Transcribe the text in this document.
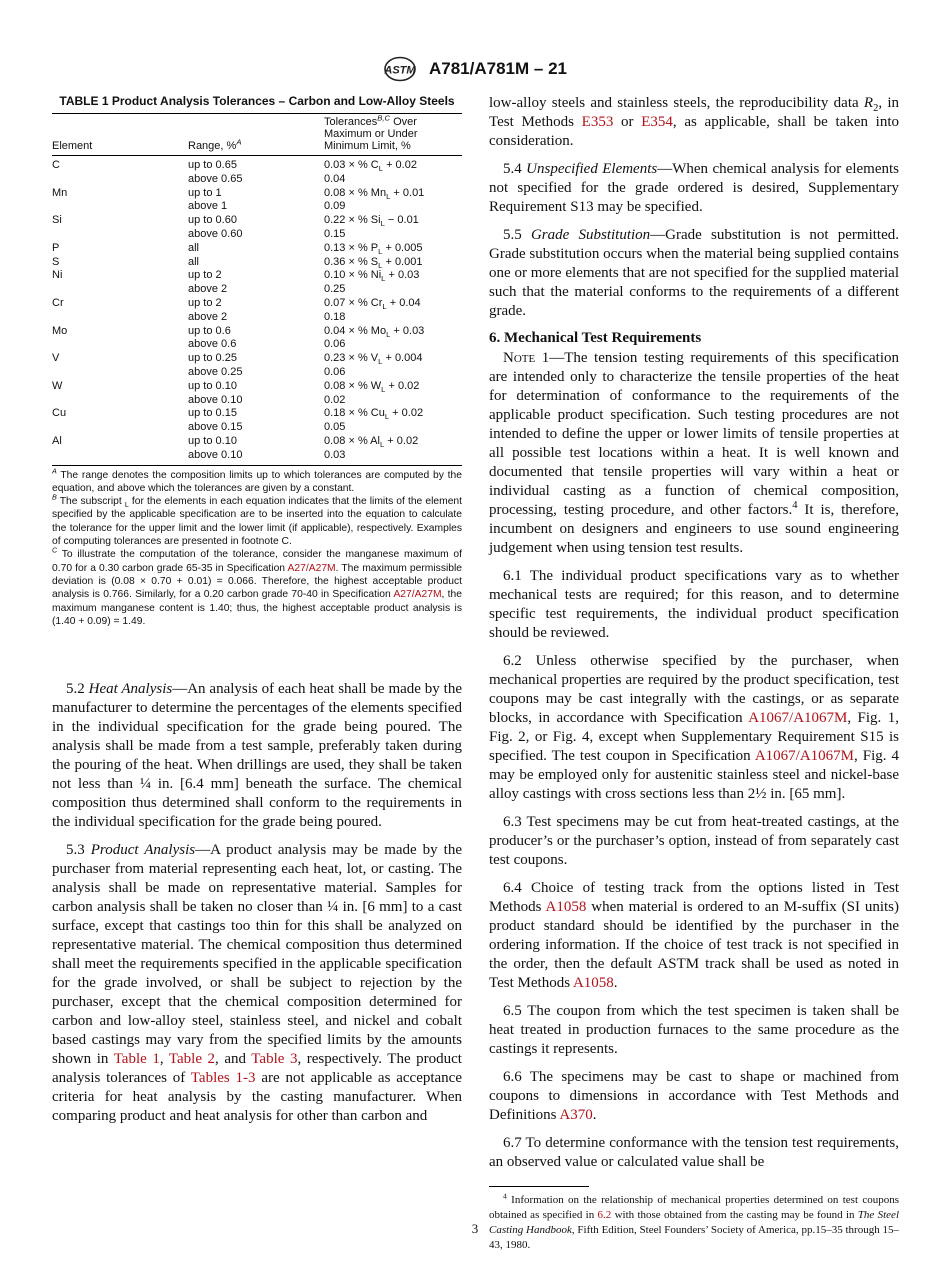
ASTM A781/A781M – 21
TABLE 1 Product Analysis Tolerances – Carbon and Low-Alloy Steels
Element	Range, %$^A$	Tolerances$^{B,C}$ Over Maximum or Under Minimum Limit, %
C	up to 0.65	0.03 × % $C_L + 0.02$
	above 0.65	0.04
Mn	up to 1	0.08 × % $Mn_L + 0.01$
	above 1	0.09
Si	up to 0.60	0.22 × % $Si_L - 0.01$
	above 0.60	0.15
P	all	0.13 × % $P_L + 0.005$
S	all	0.36 × % $S_L + 0.001$
Ni	up to 2	0.10 × % $Ni_L + 0.03$
	above 2	0.25
Cr	up to 2	0.07 × % $Cr_L + 0.04$
	above 2	0.18
Mo	up to 0.6	0.04 × % $Mo_L + 0.03$
	above 0.6	0.06
V	up to 0.25	0.23 × % $V_L + 0.004$
	above 0.25	0.06
W	up to 0.10	0.08 × % $W_L + 0.02$
	above 0.10	0.02
Cu	up to 0.15	0.18 × % $Cu_L + 0.02$
	above 0.15	0.05
Al	up to 0.10	0.08 × % $Al_L + 0.02$
	above 0.10	0.03

$^A$ The range denotes the composition limits up to which tolerances are computed by the equation, and above which the tolerances are given by a constant.

$^B$ The subscript $_L$ for the elements in each equation indicates that the limits of the element specified by the applicable specification are to be inserted into the equation to calculate the tolerance for the upper limit and the lower limit (if applicable), respectively. Examples of computing tolerances are presented in footnote C.

$^C$ To illustrate the computation of the tolerance, consider the manganese maximum of 0.70 for a 0.30 carbon grade 65-35 in Specification A27/A27M. The maximum permissible deviation is (0.08 × 0.70 + 0.01) = 0.066. Therefore, the highest acceptable product analysis is 0.766. Similarly, for a 0.20 carbon grade 70-40 in Specification A27/A27M, the maximum manganese content is 1.40; thus, the highest acceptable product analysis is (1.40 + 0.09) = 1.49.

5.2 Heat Analysis—An analysis of each heat shall be made by the manufacturer to determine the percentages of the elements specified in the individual specification for the grade being poured. The analysis shall be made from a test sample, preferably taken during the pouring of the heat. When drillings are used, they shall be taken not less than ¼ in. [6.4 mm] beneath the surface. The chemical composition thus determined shall conform to the requirements in the individual specification for the grade being poured.

5.3 Product Analysis—A product analysis may be made by the purchaser from material representing each heat, lot, or casting. The analysis shall be made on representative material. Samples for carbon analysis shall be taken no closer than ¼ in. [6 mm] to a cast surface, except that castings too thin for this shall be analyzed on representative material. The chemical composition thus determined shall meet the requirements specified in the applicable specification for the grade involved, or shall be subject to rejection by the purchaser, except that the chemical composition determined for carbon and low-alloy steel, stainless steel, and nickel and cobalt based castings may vary from the specified limits by the amounts shown in Table 1, Table 2, and Table 3, respectively. The product analysis tolerances of Tables 1-3 are not applicable as acceptance criteria for heat analysis by the casting manufacturer. When comparing product and heat analysis for other than carbon and

low-alloy steels and stainless steels, the reproducibility data $R_2$, in Test Methods E353 or E354, as applicable, shall be taken into consideration.

5.4 Unspecified Elements—When chemical analysis for elements not specified for the grade ordered is desired, Supplementary Requirement S13 may be specified.

5.5 Grade Substitution—Grade substitution is not permitted. Grade substitution occurs when the material being supplied contains one or more elements that are not specified for the supplied material such that the material conforms to the requirements of a different grade.

6. Mechanical Test Requirements

Note 1—The tension testing requirements of this specification are intended only to characterize the tensile properties of the heat for determination of conformance to the requirements of the applicable product specification. Such testing procedures are not intended to define the upper or lower limits of tensile properties at all possible test locations within a heat. It is well known and documented that tensile properties will vary within a heat or individual casting as a function of chemical composition, processing, testing procedure, and other factors.$^4$ It is, therefore, incumbent on designers and engineers to use sound engineering judgement when using tension test results.

6.1 The individual product specifications vary as to whether mechanical tests are required; for this reason, and to determine specific test requirements, the individual product specification should be reviewed.

6.2 Unless otherwise specified by the purchaser, when mechanical properties are required by the product specification, test coupons may be cast integrally with the castings, or as separate blocks, in accordance with Specification A1067/A1067M, Fig. 1, Fig. 2, or Fig. 4, except when Supplementary Requirement S15 is specified. The test coupon in Specification A1067/A1067M, Fig. 4 may be employed only for austenitic stainless steel and nickel-base alloy castings with cross sections less than 2½ in. [65 mm].

6.3 Test specimens may be cut from heat-treated castings, at the producer’s or the purchaser’s option, instead of from separately cast test coupons.

6.4 Choice of testing track from the options listed in Test Methods A1058 when material is ordered to an M-suffix (SI units) product standard should be identified by the purchaser in the ordering information. If the choice of test track is not specified in the order, then the default ASTM track shall be used as noted in Test Methods A1058.

6.5 The coupon from which the test specimen is taken shall be heat treated in production furnaces to the same procedure as the castings it represents.

6.6 The specimens may be cast to shape or machined from coupons to dimensions in accordance with Test Methods and Definitions A370.

6.7 To determine conformance with the tension test requirements, an observed value or calculated value shall be

$^4$ Information on the relationship of mechanical properties determined on test coupons obtained as specified in 6.2 with those obtained from the casting may be found in The Steel Casting Handbook, Fifth Edition, Steel Founders’ Society of America, pp.15–35 through 15–43, 1980.

3
